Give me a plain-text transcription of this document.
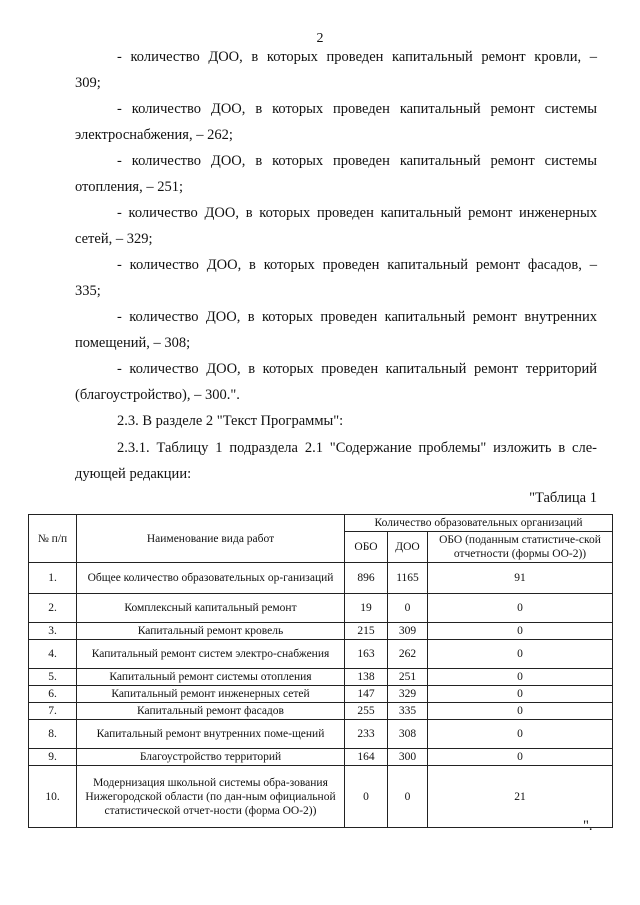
2
- количество ДОО, в которых проведен капитальный ремонт кровли, –
309;
- количество ДОО, в которых проведен капитальный ремонт системы
электроснабжения, – 262;
- количество ДОО, в которых проведен капитальный ремонт системы
отопления, – 251;
- количество ДОО, в которых проведен капитальный ремонт инженерных
сетей, – 329;
- количество ДОО, в которых проведен капитальный ремонт фасадов, –
335;
- количество ДОО, в которых проведен капитальный ремонт внутренних
помещений, – 308;
- количество ДОО, в которых проведен капитальный ремонт территорий
(благоустройство), – 300.".
2.3. В разделе 2 "Текст Программы":
2.3.1. Таблицу 1 подраздела 2.1 "Содержание проблемы" изложить в сле-
дующей редакции:
"Таблица 1
№ п/п	Наименование вида работ	Количество образовательных организаций		
		ОБО	ДОО	ОБО (поданным статистиче-ской отчетности (формы ОО-2))
1.	Общее количество образовательных ор-ганизаций	896	1165	91
2.	Комплексный капитальный ремонт	19	0	0
3.	Капитальный ремонт кровель	215	309	0
4.	Капитальный ремонт систем электро-снабжения	163	262	0
5.	Капитальный ремонт системы отопления	138	251	0
6.	Капитальный ремонт инженерных сетей	147	329	0
7.	Капитальный ремонт фасадов	255	335	0
8.	Капитальный ремонт внутренних поме-щений	233	308	0
9.	Благоустройство территорий	164	300	0
10.	Модернизация школьной системы обра-зования Нижегородской области (по дан-ным официальной статистической отчет-ности (форма ОО-2))	0	0	21
".
